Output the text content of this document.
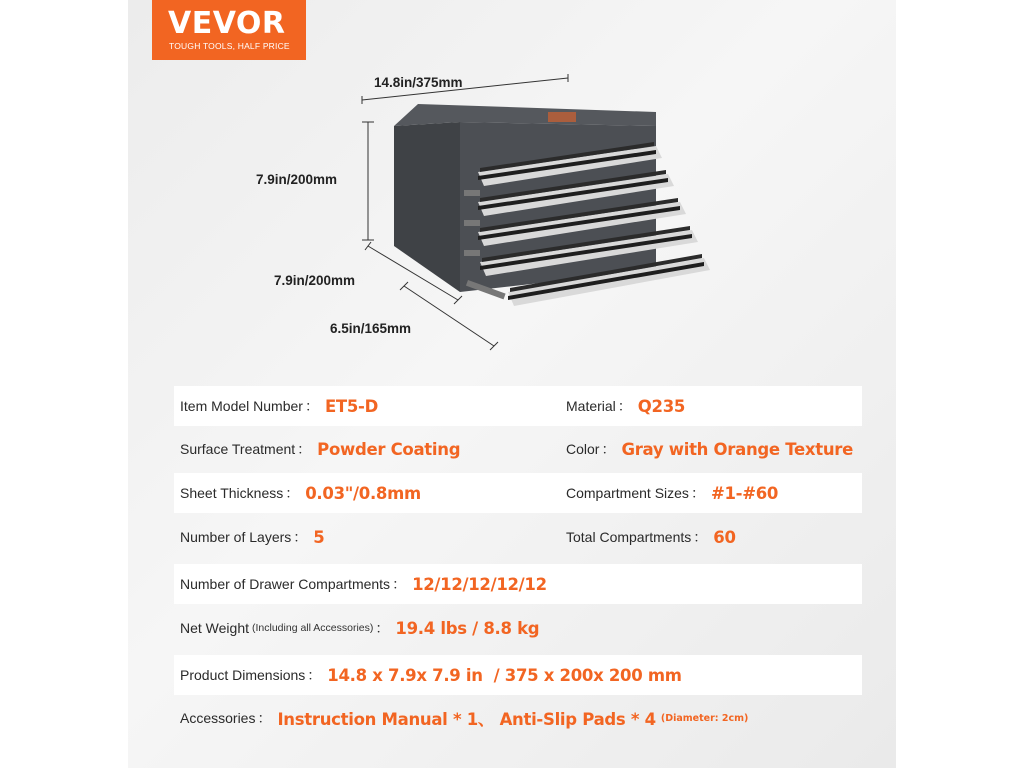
VEVOR
TOUGH TOOLS, HALF PRICE
14.8in/375mm
7.9in/200mm
7.9in/200mm
6.5in/165mm
Item Model Number ： ET5-D	Material ： Q235
Surface Treatment ： Powder Coating	Color ： Gray with Orange Texture
Sheet Thickness ： 0.03"/0.8mm	Compartment Sizes ： #1-#60
Number of Layers ： 5	Total Compartments ： 60
Number of Drawer Compartments ： 12/12/12/12/12
Net Weight (Including all Accessories) ： 19.4 lbs / 8.8 kg
Product Dimensions ： 14.8 x 7.9x 7.9 in  / 375 x 200x 200 mm
Accessories ： Instruction Manual * 1、 Anti-Slip Pads * 4 (Diameter: 2cm)
